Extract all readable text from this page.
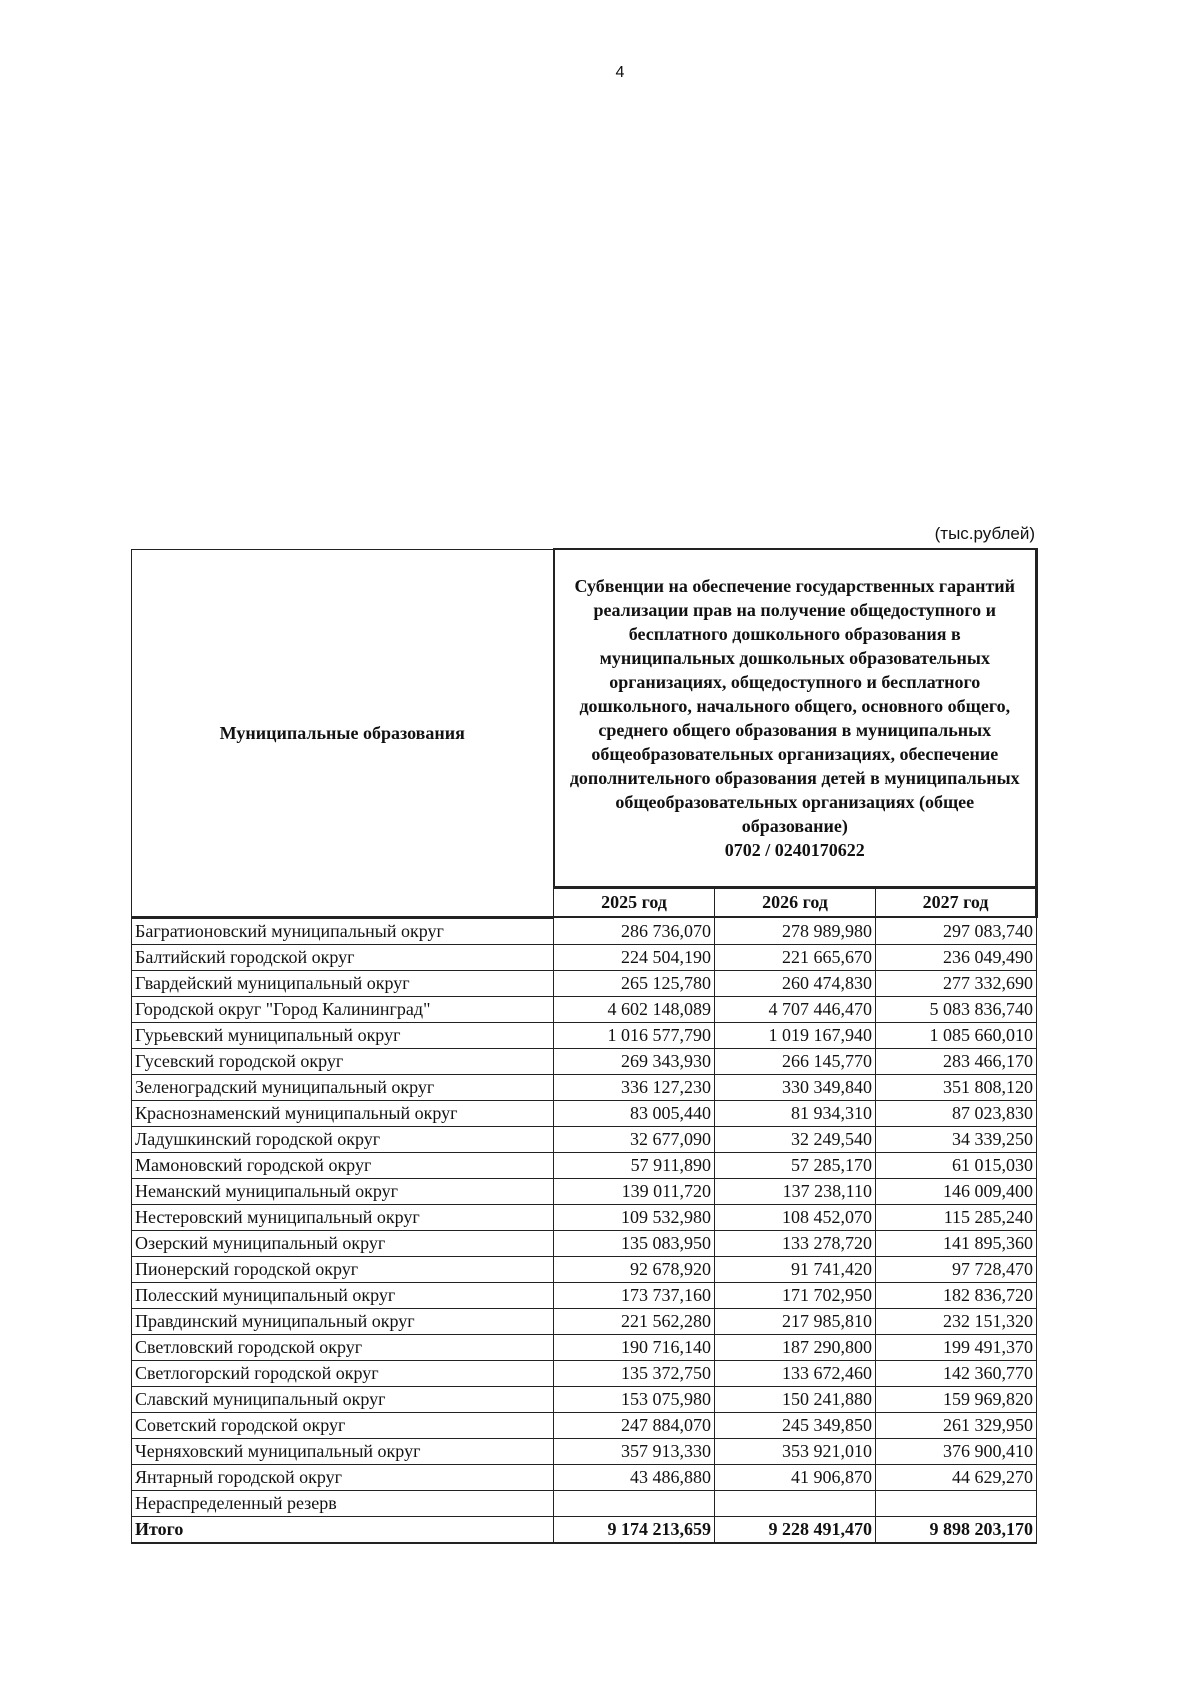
4
(тыс.рублей)
Муниципальные образования	Субвенции на обеспечение государственных гарантий реализации прав на получение общедоступного и бесплатного дошкольного образования в муниципальных дошкольных образовательных организациях, общедоступного и бесплатного дошкольного, начального общего, основного общего, среднего общего образования в муниципальных общеобразовательных организациях, обеспечение дополнительного образования детей в муниципальных общеобразовательных организациях (общее образование)
0702 / 0240170622		

	2025 год	2026 год	2027 год
Багратионовский муниципальный округ	286 736,070	278 989,980	297 083,740
Балтийский городской округ	224 504,190	221 665,670	236 049,490
Гвардейский муниципальный округ	265 125,780	260 474,830	277 332,690
Городской округ "Город Калининград"	4 602 148,089	4 707 446,470	5 083 836,740
Гурьевский муниципальный округ	1 016 577,790	1 019 167,940	1 085 660,010
Гусевский городской округ	269 343,930	266 145,770	283 466,170
Зеленоградский муниципальный округ	336 127,230	330 349,840	351 808,120
Краснознаменский муниципальный округ	83 005,440	81 934,310	87 023,830
Ладушкинский городской округ	32 677,090	32 249,540	34 339,250
Мамоновский городской округ	57 911,890	57 285,170	61 015,030
Неманский муниципальный округ	139 011,720	137 238,110	146 009,400
Нестеровский муниципальный округ	109 532,980	108 452,070	115 285,240
Озерский муниципальный округ	135 083,950	133 278,720	141 895,360
Пионерский городской округ	92 678,920	91 741,420	97 728,470
Полесский муниципальный округ	173 737,160	171 702,950	182 836,720
Правдинский муниципальный округ	221 562,280	217 985,810	232 151,320
Светловский городской округ	190 716,140	187 290,800	199 491,370
Светлогорский городской округ	135 372,750	133 672,460	142 360,770
Славский муниципальный округ	153 075,980	150 241,880	159 969,820
Советский городской округ	247 884,070	245 349,850	261 329,950
Черняховский муниципальный округ	357 913,330	353 921,010	376 900,410
Янтарный городской округ	43 486,880	41 906,870	44 629,270
Нераспределенный резерв			
Итого	9 174 213,659	9 228 491,470	9 898 203,170
